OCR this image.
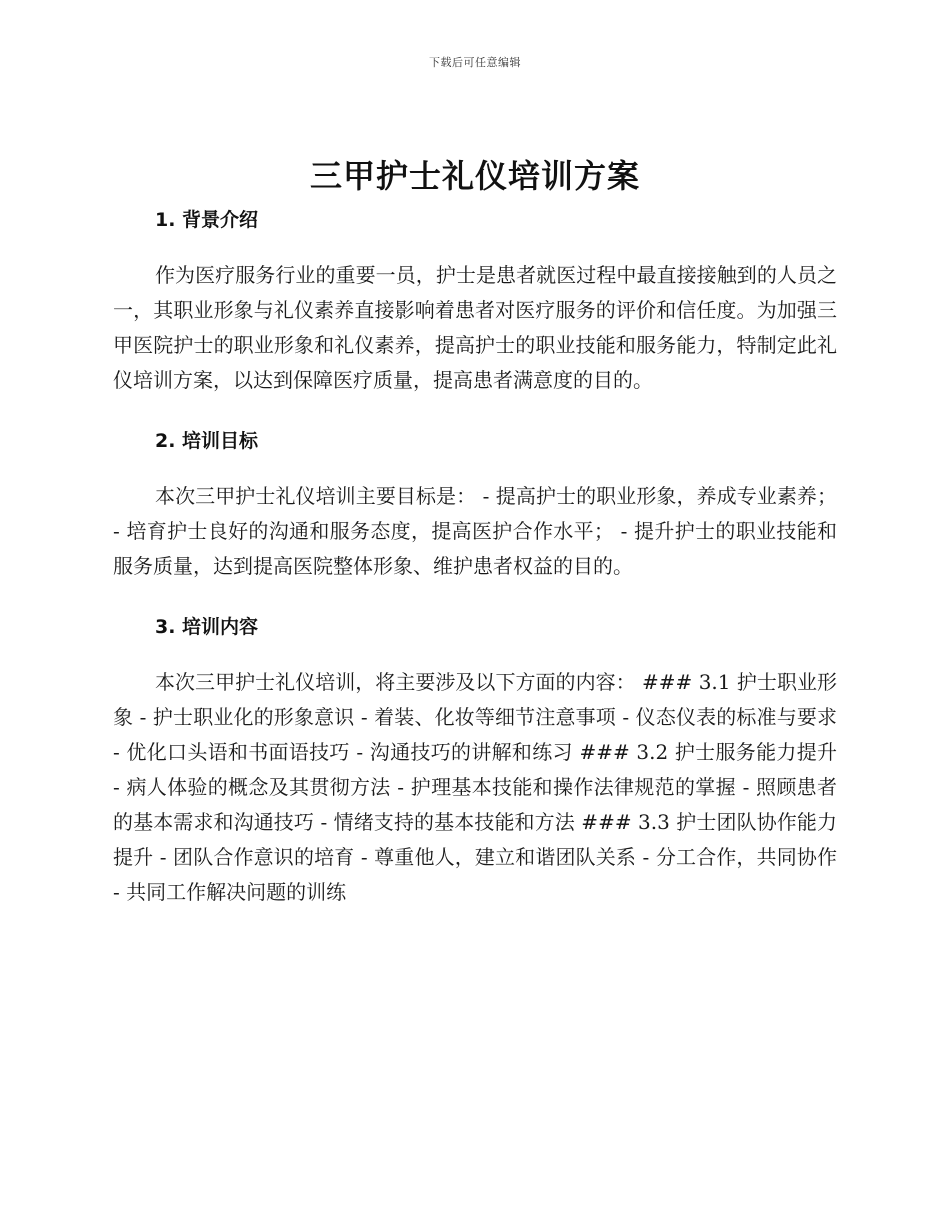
下载后可任意编辑
三甲护士礼仪培训方案
1. 背景介绍

作为医疗服务行业的重要一员，护士是患者就医过程中最直接接触到的人员之一，其职业形象与礼仪素养直接影响着患者对医疗服务的评价和信任度。为加强三甲医院护士的职业形象和礼仪素养，提高护士的职业技能和服务能力，特制定此礼仪培训方案，以达到保障医疗质量，提高患者满意度的目的。

2. 培训目标

本次三甲护士礼仪培训主要目标是： - 提高护士的职业形象，养成专业素养； - 培育护士良好的沟通和服务态度，提高医护合作水平； - 提升护士的职业技能和服务质量，达到提高医院整体形象、维护患者权益的目的。

3. 培训内容

本次三甲护士礼仪培训，将主要涉及以下方面的内容： ### 3.1 护士职业形象 - 护士职业化的形象意识 - 着装、化妆等细节注意事项 - 仪态仪表的标准与要求 - 优化口头语和书面语技巧 - 沟通技巧的讲解和练习 ### 3.2 护士服务能力提升 - 病人体验的概念及其贯彻方法 - 护理基本技能和操作法律规范的掌握 - 照顾患者的基本需求和沟通技巧 - 情绪支持的基本技能和方法 ### 3.3 护士团队协作能力提升 - 团队合作意识的培育 - 尊重他人，建立和谐团队关系 - 分工合作，共同协作 - 共同工作解决问题的训练
